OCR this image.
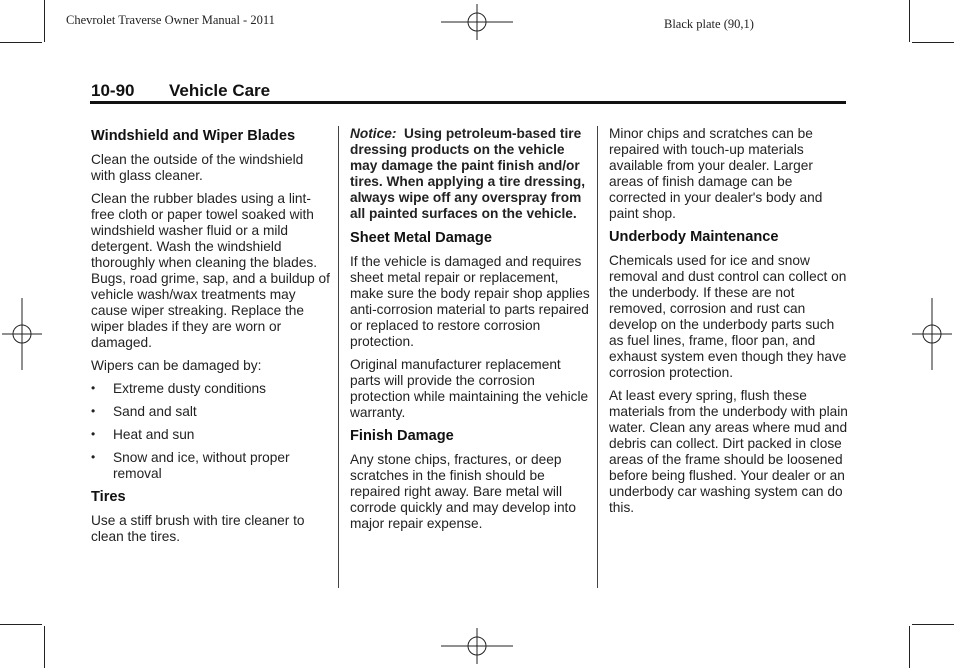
Chevrolet Traverse Owner Manual - 2011	Black plate (90,1)
10-90 Vehicle Care
Windshield and Wiper Blades
Clean the outside of the windshield with glass cleaner.
Clean the rubber blades using a lint-free cloth or paper towel soaked with windshield washer fluid or a mild detergent. Wash the windshield thoroughly when cleaning the blades. Bugs, road grime, sap, and a buildup of vehicle wash/wax treatments may cause wiper streaking. Replace the wiper blades if they are worn or damaged.
Wipers can be damaged by:
• Extreme dusty conditions
• Sand and salt
• Heat and sun
• Snow and ice, without proper removal
Tires
Use a stiff brush with tire cleaner to clean the tires.
Notice: Using petroleum-based tire dressing products on the vehicle may damage the paint finish and/or tires. When applying a tire dressing, always wipe off any overspray from all painted surfaces on the vehicle.
Sheet Metal Damage
If the vehicle is damaged and requires sheet metal repair or replacement, make sure the body repair shop applies anti-corrosion material to parts repaired or replaced to restore corrosion protection.
Original manufacturer replacement parts will provide the corrosion protection while maintaining the vehicle warranty.
Finish Damage
Any stone chips, fractures, or deep scratches in the finish should be repaired right away. Bare metal will corrode quickly and may develop into major repair expense.
Minor chips and scratches can be repaired with touch-up materials available from your dealer. Larger areas of finish damage can be corrected in your dealer's body and paint shop.
Underbody Maintenance
Chemicals used for ice and snow removal and dust control can collect on the underbody. If these are not removed, corrosion and rust can develop on the underbody parts such as fuel lines, frame, floor pan, and exhaust system even though they have corrosion protection.
At least every spring, flush these materials from the underbody with plain water. Clean any areas where mud and debris can collect. Dirt packed in close areas of the frame should be loosened before being flushed. Your dealer or an underbody car washing system can do this.
